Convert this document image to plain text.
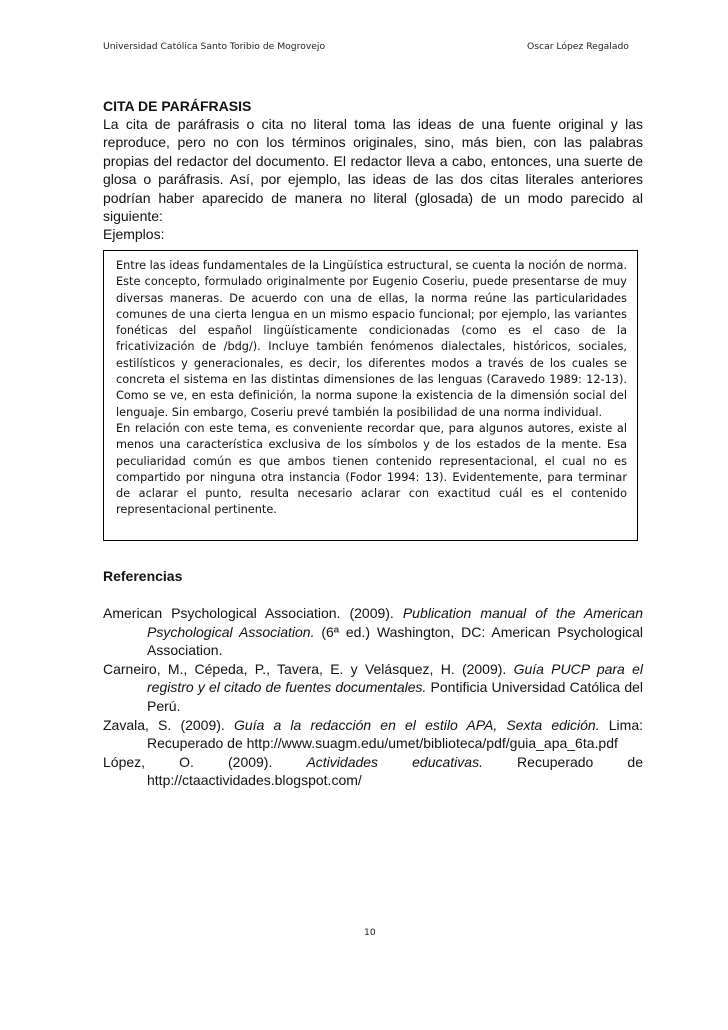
Universidad Católica Santo Toribio de Mogrovejo	Oscar López Regalado

CITA DE PARÁFRASIS

La cita de paráfrasis o cita no literal toma las ideas de una fuente original y las reproduce, pero no con los términos originales, sino, más bien, con las palabras propias del redactor del documento. El redactor lleva a cabo, entonces, una suerte de glosa o paráfrasis. Así, por ejemplo, las ideas de las dos citas literales anteriores podrían haber aparecido de manera no literal (glosada) de un modo parecido al siguiente:

Ejemplos:

Entre las ideas fundamentales de la Lingüística estructural, se cuenta la noción de norma. Este concepto, formulado originalmente por Eugenio Coseriu, puede presentarse de muy diversas maneras. De acuerdo con una de ellas, la norma reúne las particularidades comunes de una cierta lengua en un mismo espacio funcional; por ejemplo, las variantes fonéticas del español lingüísticamente condicionadas (como es el caso de la fricativización de /bdg/). Incluye también fenómenos dialectales, históricos, sociales, estilísticos y generacionales, es decir, los diferentes modos a través de los cuales se concreta el sistema en las distintas dimensiones de las lenguas (Caravedo 1989: 12-13). Como se ve, en esta definición, la norma supone la existencia de la dimensión social del lenguaje. Sin embargo, Coseriu prevé también la posibilidad de una norma individual.

En relación con este tema, es conveniente recordar que, para algunos autores, existe al menos una característica exclusiva de los símbolos y de los estados de la mente. Esa peculiaridad común es que ambos tienen contenido representacional, el cual no es compartido por ninguna otra instancia (Fodor 1994: 13). Evidentemente, para terminar de aclarar el punto, resulta necesario aclarar con exactitud cuál es el contenido representacional pertinente.

Referencias

American Psychological Association. (2009). Publication manual of the American Psychological Association. (6ª ed.) Washington, DC: American Psychological Association.

Carneiro, M., Cépeda, P., Tavera, E. y Velásquez, H. (2009). Guía PUCP para el registro y el citado de fuentes documentales. Pontificia Universidad Católica del Perú.

Zavala, S. (2009). Guía a la redacción en el estilo APA, Sexta edición. Lima: Recuperado de http://www.suagm.edu/umet/biblioteca/pdf/guia_apa_6ta.pdf

López, O. (2009). Actividades educativas. Recuperado de http://ctaactividades.blogspot.com/

10
